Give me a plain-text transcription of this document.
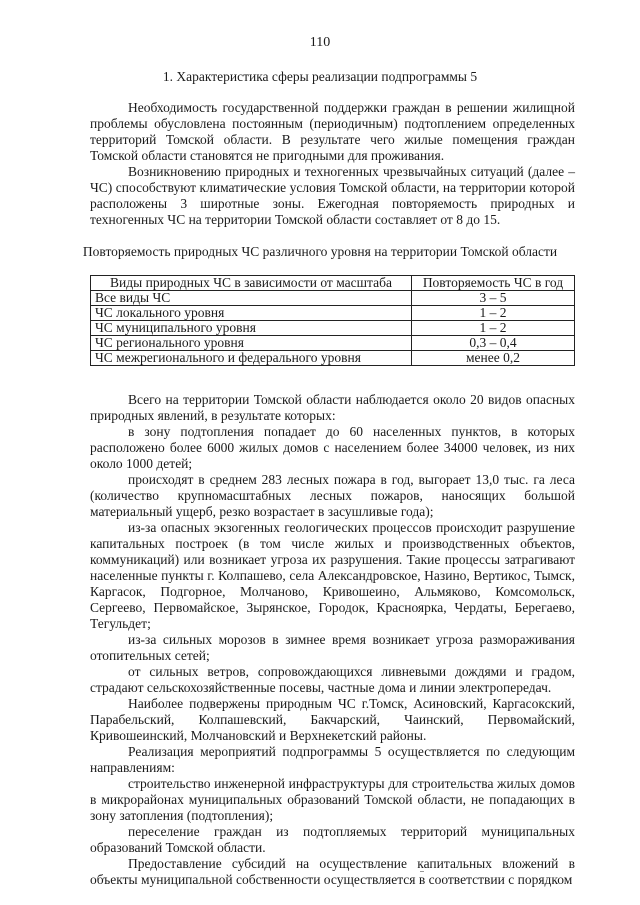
110
1. Характеристика сферы реализации подпрограммы 5

Необходимость государственной поддержки граждан в решении жилищной проблемы обусловлена постоянным (периодичным) подтоплением определенных территорий Томской области. В результате чего жилые помещения граждан Томской области становятся не пригодными для проживания.

Возникновению природных и техногенных чрезвычайных ситуаций (далее – ЧС) способствуют климатические условия Томской области, на территории которой расположены 3 широтные зоны. Ежегодная повторяемость природных и техногенных ЧС на территории Томской области составляет от 8 до 15.

Повторяемость природных ЧС различного уровня на территории Томской области
Виды природных ЧС в зависимости от масштаба	Повторяемость ЧС в год
Все виды ЧС	3 – 5
ЧС локального уровня	1 – 2
ЧС муниципального уровня	1 – 2
ЧС регионального уровня	0,3 – 0,4
ЧС межрегионального и федерального уровня	менее 0,2

Всего на территории Томской области наблюдается около 20 видов опасных природных явлений, в результате которых:

в зону подтопления попадает до 60 населенных пунктов, в которых расположено более 6000 жилых домов с населением более 34000 человек, из них около 1000 детей;

происходят в среднем 283 лесных пожара в год, выгорает 13,0 тыс. га леса (количество крупномасштабных лесных пожаров, наносящих большой материальный ущерб, резко возрастает в засушливые года);

из-за опасных экзогенных геологических процессов происходит разрушение капитальных построек (в том числе жилых и производственных объектов, коммуникаций) или возникает угроза их разрушения. Такие процессы затрагивают населенные пункты г. Колпашево, села Александровское, Назино, Вертикос, Тымск, Каргасок, Подгорное, Молчаново, Кривошеино, Альмяково, Комсомольск, Сергеево, Первомайское, Зырянское, Городок, Красноярка, Чердаты, Берегаево, Тегульдет;

из-за сильных морозов в зимнее время возникает угроза размораживания отопительных сетей;

от сильных ветров, сопровождающихся ливневыми дождями и градом, страдают сельскохозяйственные посевы, частные дома и линии электропередач.

Наиболее подвержены природным ЧС г.Томск, Асиновский, Каргасокский, Парабельский, Колпашевский, Бакчарский, Чаинский, Первомайский, Кривошеинский, Молчановский и Верхнекетский районы.

Реализация мероприятий подпрограммы 5 осуществляется по следующим направлениям:

строительство инженерной инфраструктуры для строительства жилых домов в микрорайонах муниципальных образований Томской области, не попадающих в зону затопления (подтопления);

переселение граждан из подтопляемых территорий муниципальных образований Томской области.

Предоставление субсидий на осуществление капитальных вложений в объекты муниципальной собственности осуществляется в соответствии с порядком
